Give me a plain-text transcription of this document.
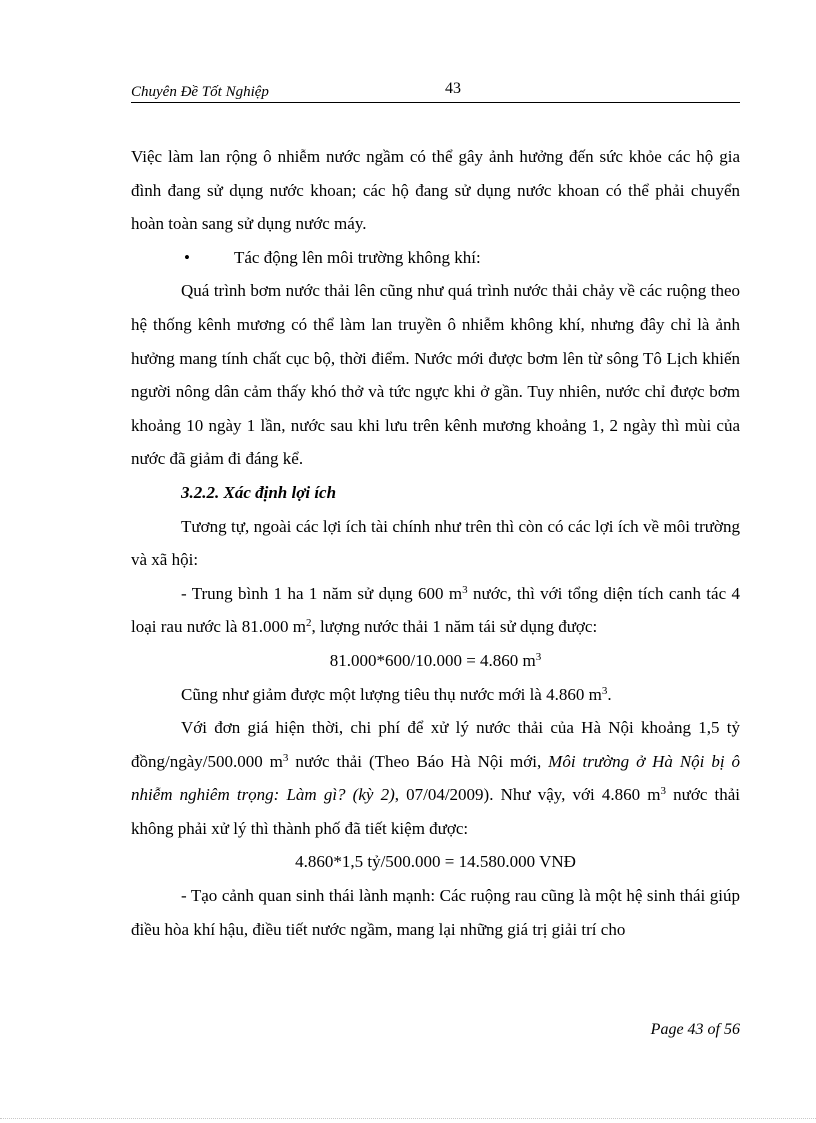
Chuyên Đề Tốt Nghiệp	43

Việc làm lan rộng ô nhiễm nước ngầm có thể gây ảnh hưởng đến sức khỏe các hộ gia đình đang sử dụng nước khoan; các hộ đang sử dụng nước khoan có thể phải chuyển hoàn toàn sang sử dụng nước máy.

•	Tác động lên môi trường không khí:

Quá trình bơm nước thải lên cũng như quá trình nước thải chảy về các ruộng theo hệ thống kênh mương có thể làm lan truyền ô nhiễm không khí, nhưng đây chỉ là ảnh hưởng mang tính chất cục bộ, thời điểm. Nước mới được bơm lên từ sông Tô Lịch khiến người nông dân cảm thấy khó thở và tức ngực khi ở gần. Tuy nhiên, nước chỉ được bơm khoảng 10 ngày 1 lần, nước sau khi lưu trên kênh mương khoảng 1, 2 ngày thì mùi của nước đã giảm đi đáng kể.

3.2.2. Xác định lợi ích

Tương tự, ngoài các lợi ích tài chính như trên thì còn có các lợi ích về môi trường và xã hội:

- Trung bình 1 ha 1 năm sử dụng 600 $m^3$ nước, thì với tổng diện tích canh tác 4 loại rau nước là 81.000 $m^2$, lượng nước thải 1 năm tái sử dụng được:

81.000*600/10.000 = 4.860 $m^3$

Cũng như giảm được một lượng tiêu thụ nước mới là 4.860 $m^3$.

Với đơn giá hiện thời, chi phí để xử lý nước thải của Hà Nội khoảng 1,5 tỷ đồng/ngày/500.000 $m^3$ nước thải (Theo Báo Hà Nội mới, Môi trường ở Hà Nội bị ô nhiễm nghiêm trọng: Làm gì? (kỳ 2), 07/04/2009). Như vậy, với 4.860 $m^3$ nước thải không phải xử lý thì thành phố đã tiết kiệm được:

4.860*1,5 tỷ/500.000 = 14.580.000 VNĐ

- Tạo cảnh quan sinh thái lành mạnh: Các ruộng rau cũng là một hệ sinh thái giúp điều hòa khí hậu, điều tiết nước ngầm, mang lại những giá trị giải trí cho

Page 43 of 56
